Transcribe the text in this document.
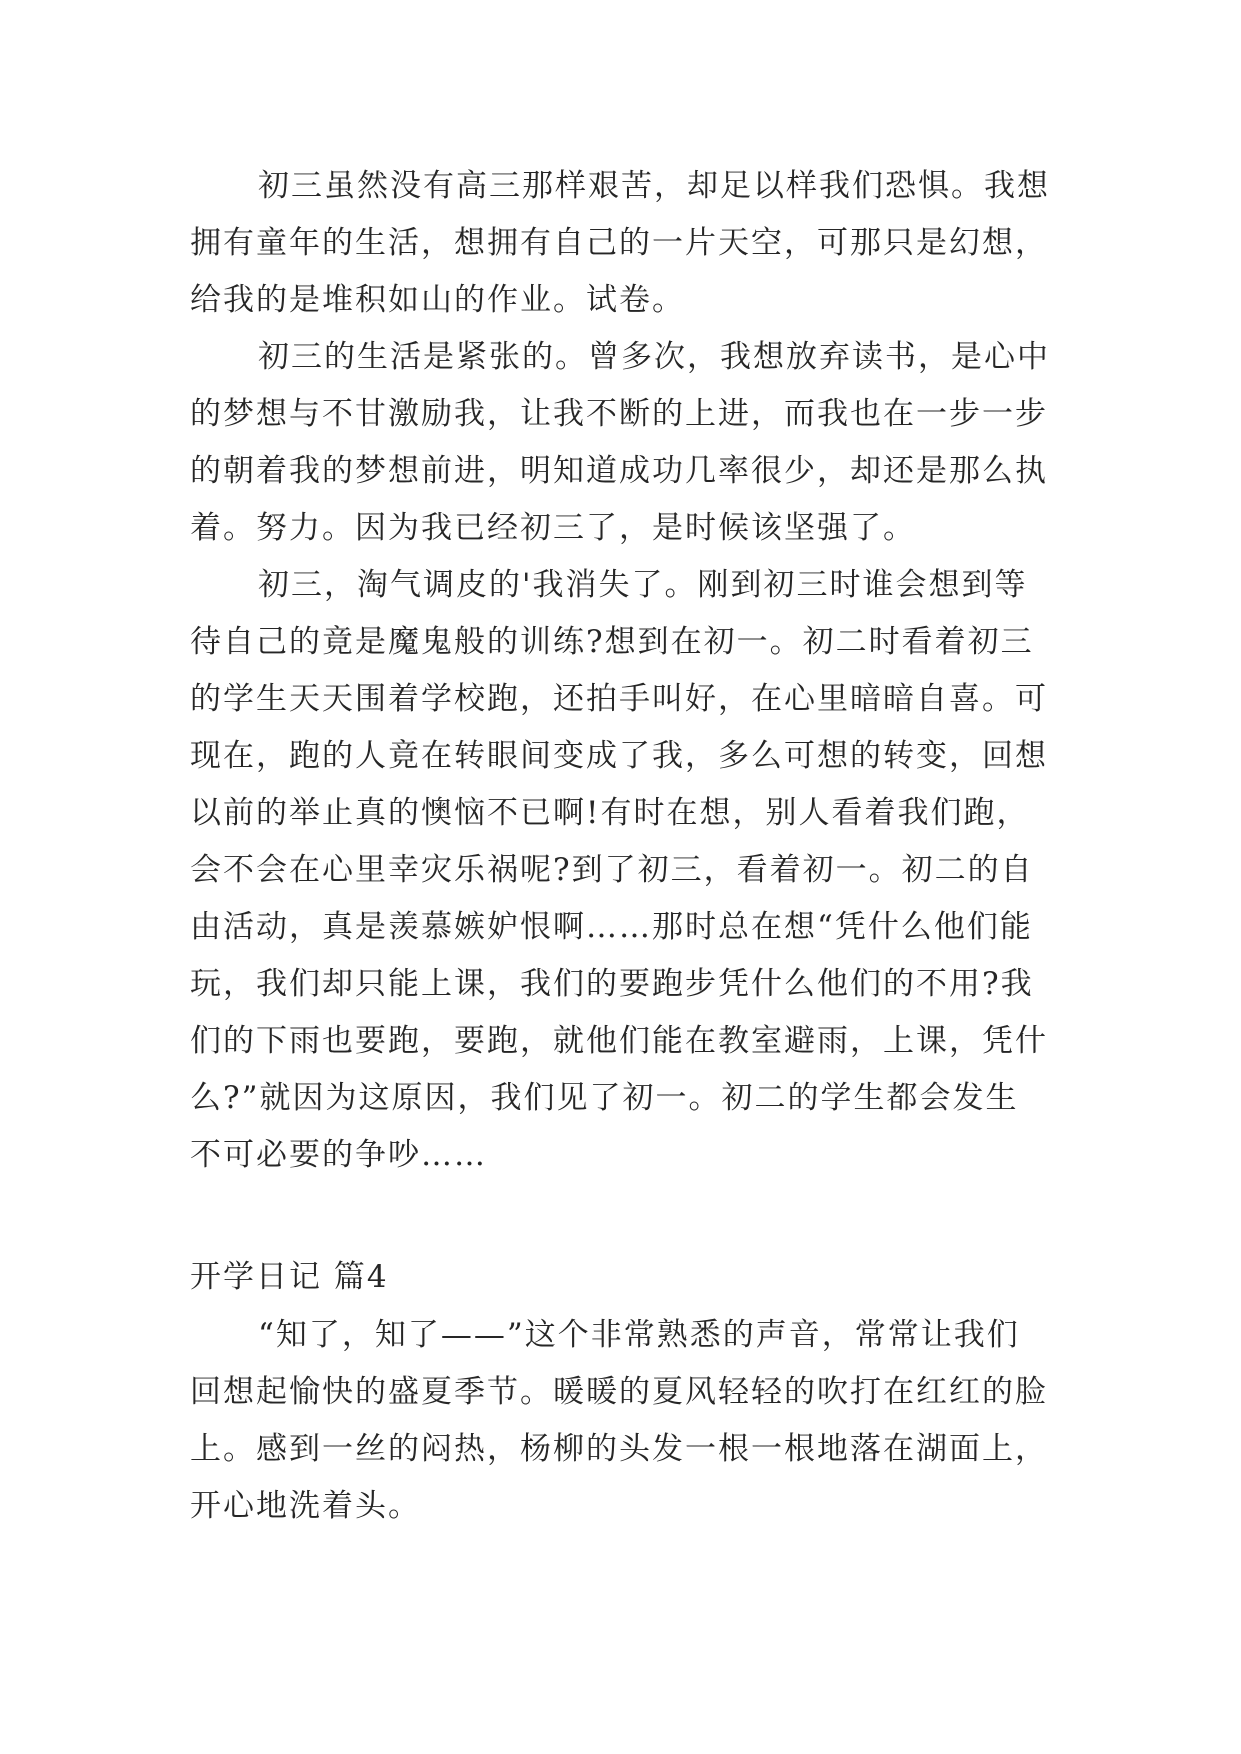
初三虽然没有高三那样艰苦，却足以样我们恐惧。我想

拥有童年的生活，想拥有自己的一片天空，可那只是幻想，

给我的是堆积如山的作业。试卷。

初三的生活是紧张的。曾多次，我想放弃读书，是心中

的梦想与不甘激励我，让我不断的上进，而我也在一步一步

的朝着我的梦想前进，明知道成功几率很少，却还是那么执

着。努力。因为我已经初三了，是时候该坚强了。

初三，淘气调皮的'我消失了。刚到初三时谁会想到等

待自己的竟是魔鬼般的训练?想到在初一。初二时看着初三

的学生天天围着学校跑，还拍手叫好，在心里暗暗自喜。可

现在，跑的人竟在转眼间变成了我，多么可想的转变，回想

以前的举止真的懊恼不已啊!有时在想，别人看着我们跑，

会不会在心里幸灾乐祸呢?到了初三，看着初一。初二的自

由活动，真是羡慕嫉妒恨啊……那时总在想“凭什么他们能

玩，我们却只能上课，我们的要跑步凭什么他们的不用?我

们的下雨也要跑，要跑，就他们能在教室避雨，上课，凭什

么?”就因为这原因，我们见了初一。初二的学生都会发生

不可必要的争吵……

开学日记 篇4

“知了，知了——”这个非常熟悉的声音，常常让我们

回想起愉快的盛夏季节。暖暖的夏风轻轻的吹打在红红的脸

上。感到一丝的闷热，杨柳的头发一根一根地落在湖面上，

开心地洗着头。
